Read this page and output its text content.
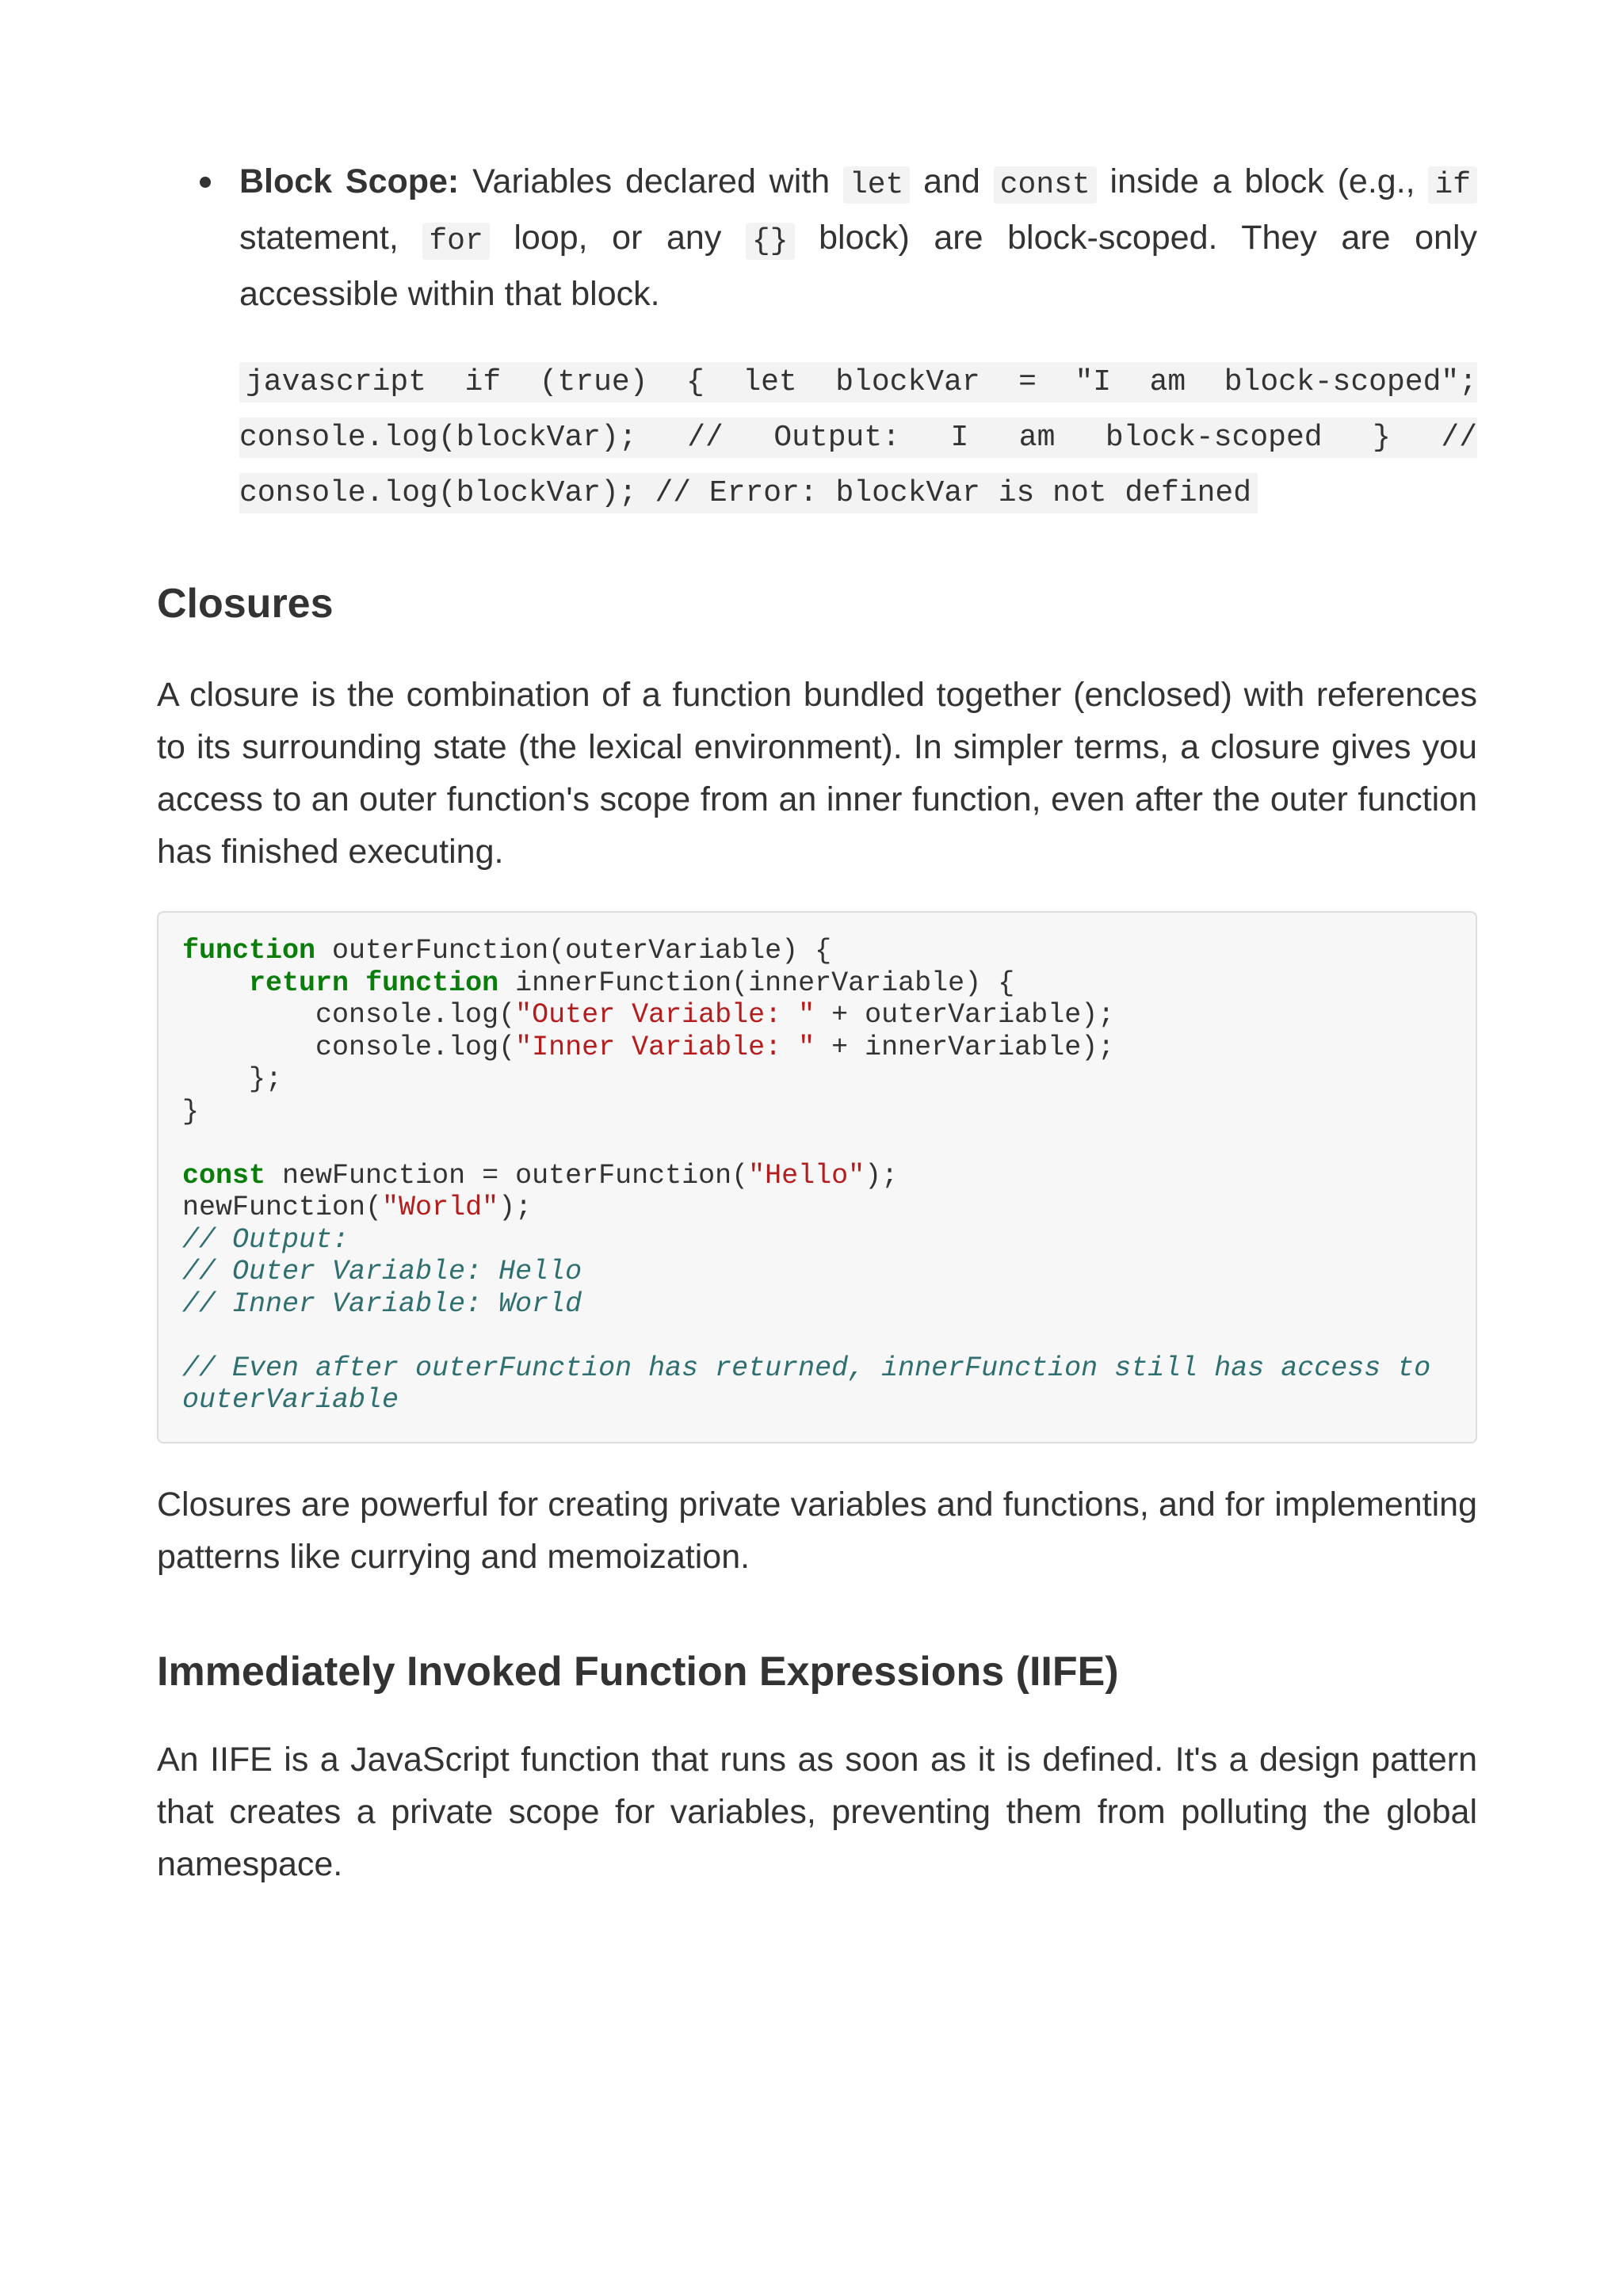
Block Scope: Variables declared with let and const inside a block (e.g., if statement, for loop, or any {} block) are block-scoped. They are only accessible within that block.

javascript if (true) { let blockVar = "I am block-scoped"; console.log(blockVar); // Output: I am block-scoped } // console.log(blockVar); // Error: blockVar is not defined

Closures

A closure is the combination of a function bundled together (enclosed) with references to its surrounding state (the lexical environment). In simpler terms, a closure gives you access to an outer function's scope from an inner function, even after the outer function has finished executing.

function outerFunction(outerVariable) {
return function innerFunction(innerVariable) {
console.log("Outer Variable: " + outerVariable);
console.log("Inner Variable: " + innerVariable);
};
}

const newFunction = outerFunction("Hello");
newFunction("World");
// Output:
// Outer Variable: Hello
// Inner Variable: World

// Even after outerFunction has returned, innerFunction still has access to
outerVariable

Closures are powerful for creating private variables and functions, and for implementing patterns like currying and memoization.

Immediately Invoked Function Expressions (IIFE)

An IIFE is a JavaScript function that runs as soon as it is defined. It's a design pattern that creates a private scope for variables, preventing them from polluting the global namespace.
